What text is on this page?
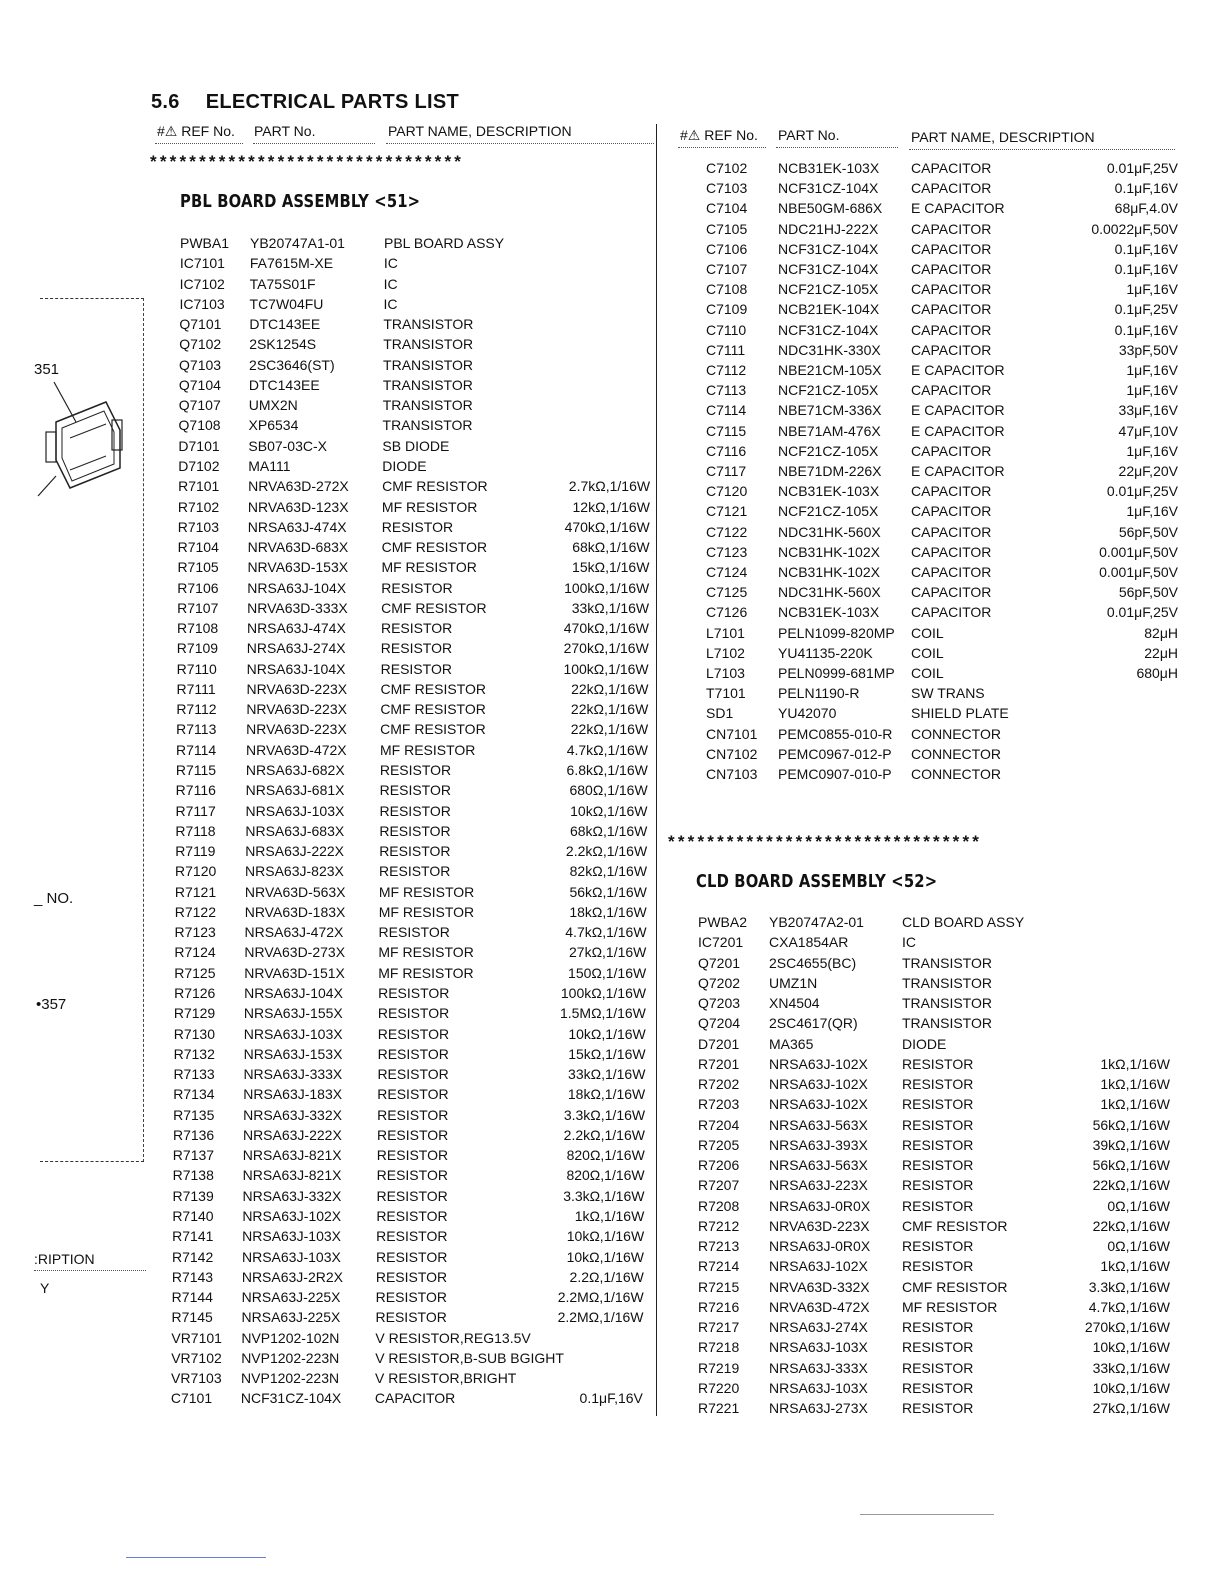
5.6 ELECTRICAL PARTS LIST
#⚠ REF No. PART No.	PART NAME, DESCRIPTION	#⚠ REF No. PART No.	PART NAME, DESCRIPTION
********************************
********************************
PBL BOARD ASSEMBLY <51>
CLD BOARD ASSEMBLY <52>
PWBA1 YB20747A1-01	PBL BOARD ASSY
IC7101 FA7615M-XE	IC
IC7102 TA75S01F	IC
IC7103 TC7W04FU	IC
Q7101 DTC143EE	TRANSISTOR
Q7102 2SK1254S	TRANSISTOR
Q7103 2SC3646(ST)	TRANSISTOR
Q7104 DTC143EE	TRANSISTOR
Q7107 UMX2N	TRANSISTOR
Q7108 XP6534	TRANSISTOR
D7101 SB07-03C-X	SB DIODE
D7102 MA111	DIODE
R7101 NRVA63D-272X CMF RESISTOR	2.7kΩ,1/16W
R7102 NRVA63D-123X MF RESISTOR	12kΩ,1/16W
R7103 NRSA63J-474X	RESISTOR	470kΩ,1/16W
R7104 NRVA63D-683X CMF RESISTOR	68kΩ,1/16W
R7105 NRVA63D-153X MF RESISTOR	15kΩ,1/16W
R7106 NRSA63J-104X	RESISTOR	100kΩ,1/16W
R7107 NRVA63D-333X CMF RESISTOR	33kΩ,1/16W
R7108 NRSA63J-474X	RESISTOR	470kΩ,1/16W
R7109 NRSA63J-274X	RESISTOR	270kΩ,1/16W
R7110 NRSA63J-104X	RESISTOR	100kΩ,1/16W
R7111 NRVA63D-223X CMF RESISTOR	22kΩ,1/16W
R7112 NRVA63D-223X CMF RESISTOR	22kΩ,1/16W
R7113 NRVA63D-223X CMF RESISTOR	22kΩ,1/16W
R7114 NRVA63D-472X MF RESISTOR	4.7kΩ,1/16W
R7115 NRSA63J-682X	RESISTOR	6.8kΩ,1/16W
R7116 NRSA63J-681X	RESISTOR	680Ω,1/16W
R7117 NRSA63J-103X	RESISTOR	10kΩ,1/16W
R7118 NRSA63J-683X	RESISTOR	68kΩ,1/16W
R7119 NRSA63J-222X	RESISTOR	2.2kΩ,1/16W
R7120 NRSA63J-823X	RESISTOR	82kΩ,1/16W
R7121 NRVA63D-563X MF RESISTOR	56kΩ,1/16W
R7122 NRVA63D-183X MF RESISTOR	18kΩ,1/16W
R7123 NRSA63J-472X	RESISTOR	4.7kΩ,1/16W
R7124 NRVA63D-273X MF RESISTOR	27kΩ,1/16W
R7125 NRVA63D-151X MF RESISTOR	150Ω,1/16W
R7126 NRSA63J-104X	RESISTOR	100kΩ,1/16W
R7129 NRSA63J-155X	RESISTOR	1.5MΩ,1/16W
R7130 NRSA63J-103X	RESISTOR	10kΩ,1/16W
R7132 NRSA63J-153X	RESISTOR	15kΩ,1/16W
R7133 NRSA63J-333X	RESISTOR	33kΩ,1/16W
R7134 NRSA63J-183X	RESISTOR	18kΩ,1/16W
R7135 NRSA63J-332X	RESISTOR	3.3kΩ,1/16W
R7136 NRSA63J-222X	RESISTOR	2.2kΩ,1/16W
R7137 NRSA63J-821X	RESISTOR	820Ω,1/16W
R7138 NRSA63J-821X	RESISTOR	820Ω,1/16W
R7139 NRSA63J-332X	RESISTOR	3.3kΩ,1/16W
R7140 NRSA63J-102X	RESISTOR	1kΩ,1/16W
R7141 NRSA63J-103X	RESISTOR	10kΩ,1/16W
R7142 NRSA63J-103X	RESISTOR	10kΩ,1/16W
R7143 NRSA63J-2R2X RESISTOR	2.2Ω,1/16W
R7144 NRSA63J-225X	RESISTOR	2.2MΩ,1/16W
R7145 NRSA63J-225X	RESISTOR	2.2MΩ,1/16W
VR7101 NVP1202-102N	V RESISTOR,REG13.5V
VR7102 NVP1202-223N	V RESISTOR,B-SUB BGIGHT
VR7103 NVP1202-223N	V RESISTOR,BRIGHT
C7101 NCF31CZ-104X CAPACITOR	0.1μF,16V
C7102 NCB31EK-103X CAPACITOR	0.01μF,25V
C7103 NCF31CZ-104X CAPACITOR	0.1μF,16V
C7104 NBE50GM-686X E CAPACITOR	68μF,4.0V
C7105 NDC21HJ-222X CAPACITOR	0.0022μF,50V
C7106 NCF31CZ-104X CAPACITOR	0.1μF,16V
C7107 NCF31CZ-104X CAPACITOR	0.1μF,16V
C7108 NCF21CZ-105X CAPACITOR	1μF,16V
C7109 NCB21EK-104X CAPACITOR	0.1μF,25V
C7110 NCF31CZ-104X CAPACITOR	0.1μF,16V
C7111 NDC31HK-330X CAPACITOR	33pF,50V
C7112 NBE21CM-105X E CAPACITOR	1μF,16V
C7113 NCF21CZ-105X CAPACITOR	1μF,16V
C7114 NBE71CM-336X E CAPACITOR	33μF,16V
C7115 NBE71AM-476X E CAPACITOR	47μF,10V
C7116 NCF21CZ-105X CAPACITOR	1μF,16V
C7117 NBE71DM-226X E CAPACITOR	22μF,20V
C7120 NCB31EK-103X CAPACITOR	0.01μF,25V
C7121 NCF21CZ-105X CAPACITOR	1μF,16V
C7122 NDC31HK-560X CAPACITOR	56pF,50V
C7123 NCB31HK-102X CAPACITOR	0.001μF,50V
C7124 NCB31HK-102X CAPACITOR	0.001μF,50V
C7125 NDC31HK-560X CAPACITOR	56pF,50V
C7126 NCB31EK-103X CAPACITOR	0.01μF,25V
L7101 PELN1099-820MP COIL	82μH
L7102 YU41135-220K	COIL	22μH
L7103 PELN0999-681MP COIL	680μH
T7101 PELN1190-R	SW TRANS
SD1	YU42070	SHIELD PLATE
CN7101 PEMC0855-010-R CONNECTOR
CN7102 PEMC0967-012-P CONNECTOR
CN7103 PEMC0907-010-P CONNECTOR
PWBA2 YB20747A2-01	CLD BOARD ASSY
IC7201 CXA1854AR	IC
Q7201 2SC4655(BC)	TRANSISTOR
Q7202 UMZ1N	TRANSISTOR
Q7203 XN4504	TRANSISTOR
Q7204 2SC4617(QR)	TRANSISTOR
D7201 MA365	DIODE
R7201 NRSA63J-102X RESISTOR	1kΩ,1/16W
R7202 NRSA63J-102X RESISTOR	1kΩ,1/16W
R7203 NRSA63J-102X RESISTOR	1kΩ,1/16W
R7204 NRSA63J-563X RESISTOR	56kΩ,1/16W
R7205 NRSA63J-393X RESISTOR	39kΩ,1/16W
R7206 NRSA63J-563X RESISTOR	56kΩ,1/16W
R7207 NRSA63J-223X RESISTOR	22kΩ,1/16W
R7208 NRSA63J-0R0X RESISTOR	0Ω,1/16W
R7212 NRVA63D-223X CMF RESISTOR	22kΩ,1/16W
R7213 NRSA63J-0R0X RESISTOR	0Ω,1/16W
R7214 NRSA63J-102X RESISTOR	1kΩ,1/16W
R7215 NRVA63D-332X CMF RESISTOR	3.3kΩ,1/16W
R7216 NRVA63D-472X MF RESISTOR	4.7kΩ,1/16W
R7217 NRSA63J-274X RESISTOR	270kΩ,1/16W
R7218 NRSA63J-103X RESISTOR	10kΩ,1/16W
R7219 NRSA63J-333X RESISTOR	33kΩ,1/16W
R7220 NRSA63J-103X RESISTOR	10kΩ,1/16W
R7221 NRSA63J-273X RESISTOR	27kΩ,1/16W
351
_ NO.
•357
:RIPTION
Y
